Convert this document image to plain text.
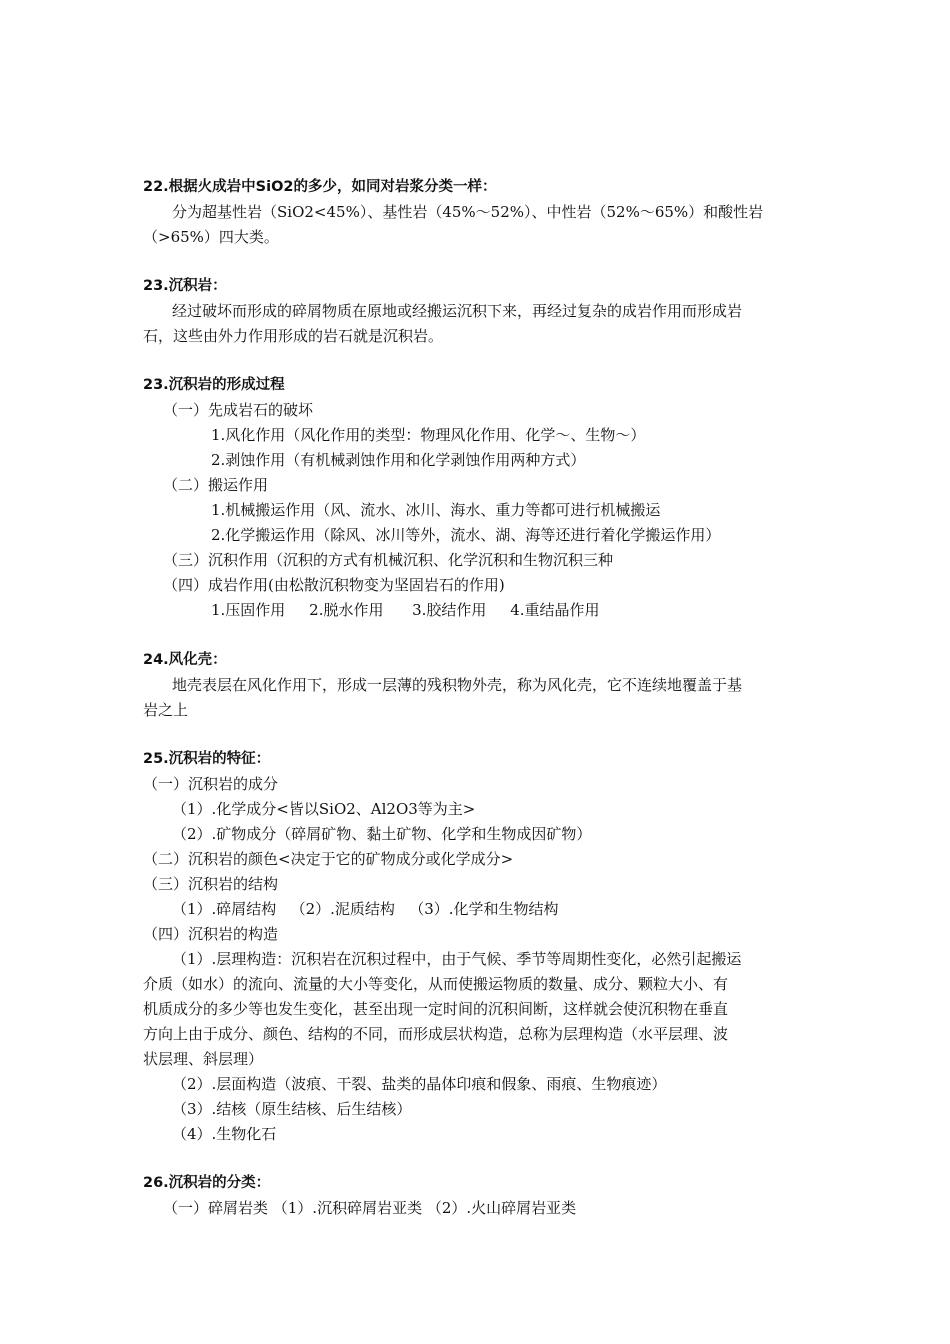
22.根据火成岩中SiO2的多少，如同对岩浆分类一样：
分为超基性岩（SiO2<45%）、基性岩（45%～52%）、中性岩（52%～65%）和酸性岩
（>65%）四大类。
23.沉积岩：
经过破坏而形成的碎屑物质在原地或经搬运沉积下来，再经过复杂的成岩作用而形成岩
石，这些由外力作用形成的岩石就是沉积岩。
23.沉积岩的形成过程
（一）先成岩石的破坏
1.风化作用（风化作用的类型：物理风化作用、化学～、生物～）
2.剥蚀作用（有机械剥蚀作用和化学剥蚀作用两种方式）
（二）搬运作用
1.机械搬运作用（风、流水、冰川、海水、重力等都可进行机械搬运
2.化学搬运作用（除风、冰川等外，流水、湖、海等还进行着化学搬运作用）
（三）沉积作用（沉积的方式有机械沉积、化学沉积和生物沉积三种
（四）成岩作用(由松散沉积物变为坚固岩石的作用)
1.压固作用     2.脱水作用      3.胶结作用     4.重结晶作用
24.风化壳：
地壳表层在风化作用下，形成一层薄的残积物外壳，称为风化壳，它不连续地覆盖于基
岩之上
25.沉积岩的特征：
（一）沉积岩的成分
（1）.化学成分<皆以SiO2、Al2O3等为主>
（2）.矿物成分（碎屑矿物、黏土矿物、化学和生物成因矿物）
（二）沉积岩的颜色<决定于它的矿物成分或化学成分>
（三）沉积岩的结构
（1）.碎屑结构   （2）.泥质结构   （3）.化学和生物结构
（四）沉积岩的构造
（1）.层理构造：沉积岩在沉积过程中，由于气候、季节等周期性变化，必然引起搬运
介质（如水）的流向、流量的大小等变化，从而使搬运物质的数量、成分、颗粒大小、有
机质成分的多少等也发生变化，甚至出现一定时间的沉积间断，这样就会使沉积物在垂直
方向上由于成分、颜色、结构的不同，而形成层状构造，总称为层理构造（水平层理、波
状层理、斜层理）
（2）.层面构造（波痕、干裂、盐类的晶体印痕和假象、雨痕、生物痕迹）
（3）.结核（原生结核、后生结核）
（4）.生物化石
26.沉积岩的分类：
（一）碎屑岩类 （1）.沉积碎屑岩亚类 （2）.火山碎屑岩亚类
